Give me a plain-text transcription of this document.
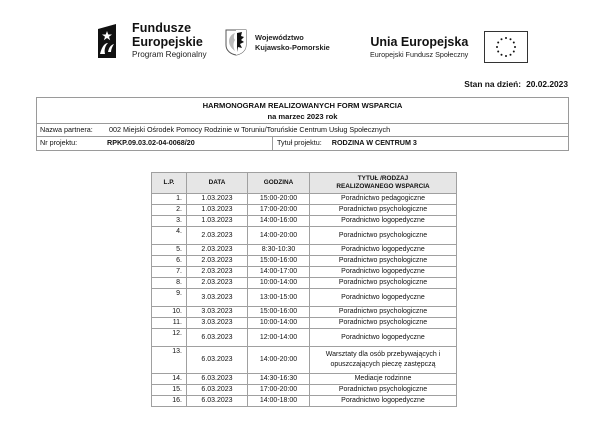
Fundusze
Europejskie
Program Regionalny
Województwo
Kujawsko-Pomorskie	Unia Europejska
Europejski Fundusz Społeczny
Stan na dzień: 20.02.2023
HARMONOGRAM REALIZOWANYCH FORM WSPARCIA
na marzec 2023 rok
Nazwa partnera:	002 Miejski Ośrodek Pomocy Rodzinie w Toruniu/Toruńskie Centrum Usług Społecznych
Nr projektu:	RPKP.09.03.02-04-0068/20	Tytuł projektu: RODZINA W CENTRUM 3
L.P.	DATA	GODZINA	TYTUŁ /RODZAJ
REALIZOWANEGO WSPARCIA

1.	1.03.2023	15:00-20:00	Poradnictwo pedagogiczne
2.	1.03.2023	17:00-20:00	Poradnictwo psychologiczne
3.	1.03.2023	14:00-16:00	Poradnictwo logopedyczne
4.	2.03.2023	14:00-20:00	Poradnictwo psychologiczne
5.	2.03.2023	8:30-10:30	Poradnictwo logopedyczne
6.	2.03.2023	15:00-16:00	Poradnictwo psychologiczne
7.	2.03.2023	14:00-17:00	Poradnictwo logopedyczne
8.	2.03.2023	10:00-14:00	Poradnictwo psychologiczne
9.	3.03.2023	13:00-15:00	Poradnictwo logopedyczne
10.	3.03.2023	15:00-16:00	Poradnictwo psychologiczne
11.	3.03.2023	10:00-14:00	Poradnictwo psychologiczne
12.	6.03.2023	12:00-14:00	Poradnictwo logopedyczne
13.	6.03.2023	14:00-20:00	Warsztaty dla osób przebywających i
opuszczających pieczę zastępczą

14.	6.03.2023	14:30-16:30	Mediacje rodzinne
15.	6.03.2023	17:00-20:00	Poradnictwo psychologiczne
16.	6.03.2023	14:00-18:00	Poradnictwo logopedyczne
